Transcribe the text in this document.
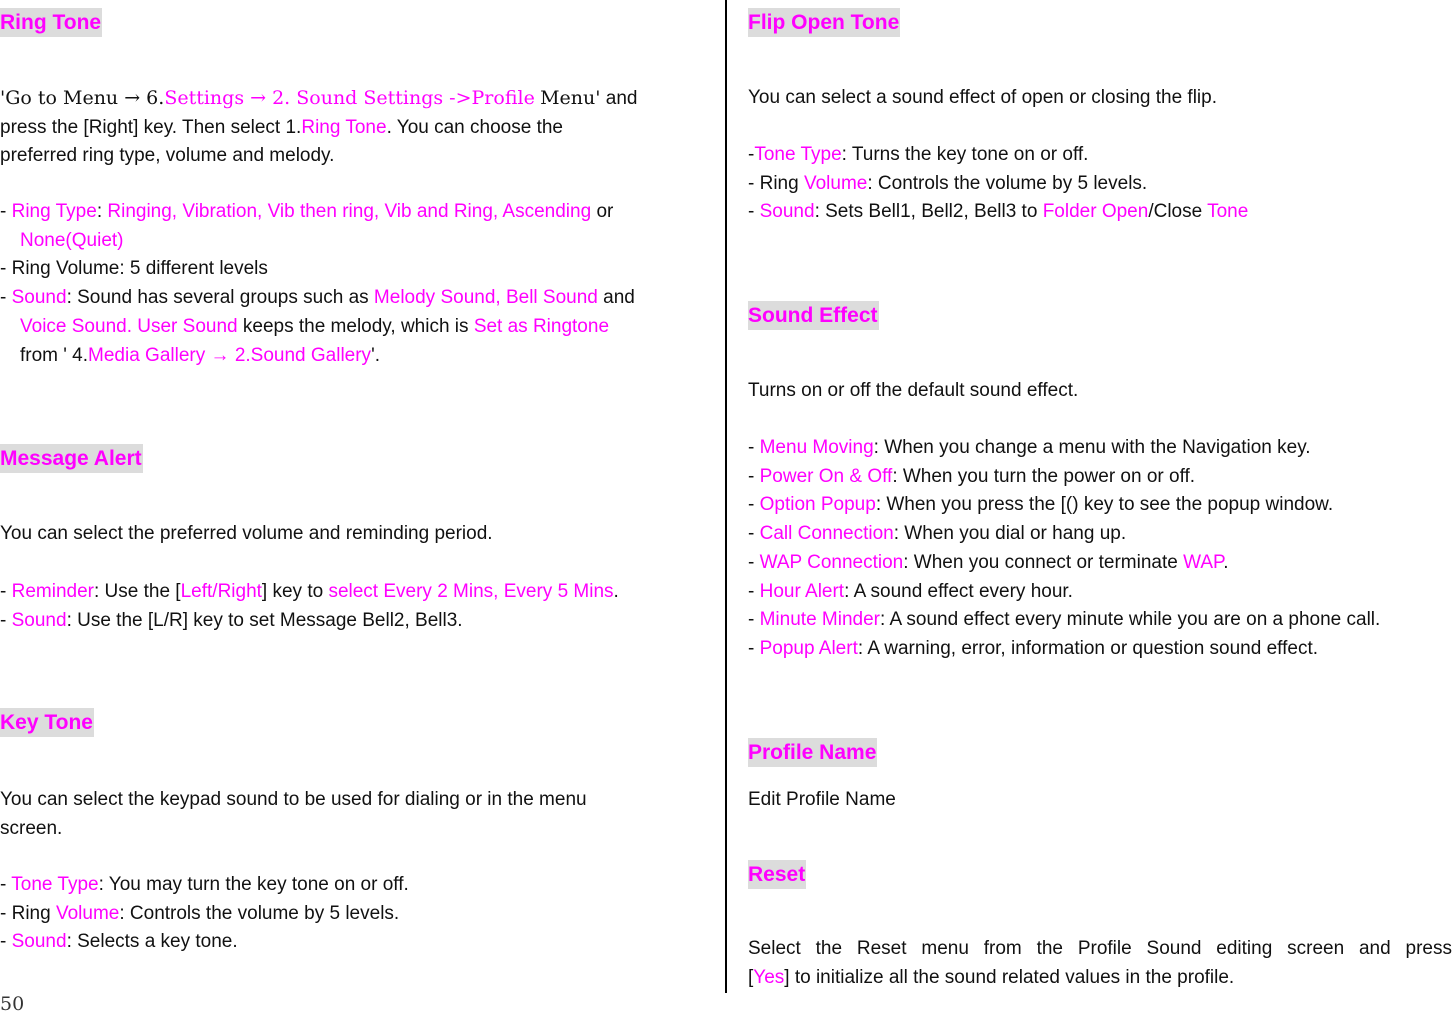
Ring Tone
'Go to Menu → 6.Settings → 2. Sound Settings ->Profile Menu' and
press the [Right] key. Then select 1.Ring Tone. You can choose the
preferred ring type, volume and melody.
- Ring Type: Ringing, Vibration, Vib then ring, Vib and Ring, Ascending or
None(Quiet)
- Ring Volume: 5 different levels
- Sound: Sound has several groups such as Melody Sound, Bell Sound and
Voice Sound. User Sound keeps the melody, which is Set as Ringtone
from ' 4.Media Gallery → 2.Sound Gallery'.
Message Alert
You can select the preferred volume and reminding period.
- Reminder: Use the [Left/Right] key to select Every 2 Mins, Every 5 Mins.
- Sound: Use the [L/R] key to set Message Bell2, Bell3.
Key Tone
You can select the keypad sound to be used for dialing or in the menu
screen.
- Tone Type: You may turn the key tone on or off.
- Ring Volume: Controls the volume by 5 levels.
- Sound: Selects a key tone.
Flip Open Tone
You can select a sound effect of open or closing the flip.
-Tone Type: Turns the key tone on or off.
- Ring Volume: Controls the volume by 5 levels.
- Sound: Sets Bell1, Bell2, Bell3 to Folder Open/Close Tone
Sound Effect
Turns on or off the default sound effect.
- Menu Moving: When you change a menu with the Navigation key.
- Power On & Off: When you turn the power on or off.
- Option Popup: When you press the [() key to see the popup window.
- Call Connection: When you dial or hang up.
- WAP Connection: When you connect or terminate WAP.
- Hour Alert: A sound effect every hour.
- Minute Minder: A sound effect every minute while you are on a phone call.
- Popup Alert: A warning, error, information or question sound effect.
Profile Name
Edit Profile Name
Reset
Select the Reset menu from the Profile Sound editing screen and press
[Yes] to initialize all the sound related values in the profile.
50
